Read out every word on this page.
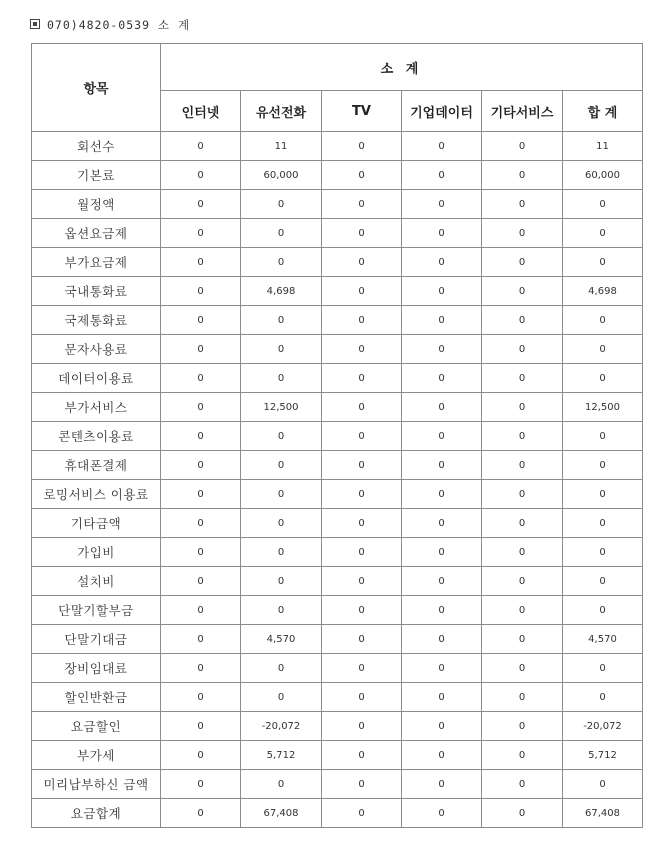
070)4820-0539 소 계
항목	소 계					
	인터넷	유선전화	TV	기업데이터	기타서비스	합 계
회선수	0	11	0	0	0	11
기본료	0	60,000	0	0	0	60,000
월정액	0	0	0	0	0	0
옵션요금제	0	0	0	0	0	0
부가요금제	0	0	0	0	0	0
국내통화료	0	4,698	0	0	0	4,698
국제통화료	0	0	0	0	0	0
문자사용료	0	0	0	0	0	0
데이터이용료	0	0	0	0	0	0
부가서비스	0	12,500	0	0	0	12,500
콘텐츠이용료	0	0	0	0	0	0
휴대폰결제	0	0	0	0	0	0
로밍서비스 이용료	0	0	0	0	0	0
기타금액	0	0	0	0	0	0
가입비	0	0	0	0	0	0
설치비	0	0	0	0	0	0
단말기할부금	0	0	0	0	0	0
단말기대금	0	4,570	0	0	0	4,570
장비임대료	0	0	0	0	0	0
할인반환금	0	0	0	0	0	0
요금할인	0	-20,072	0	0	0	-20,072
부가세	0	5,712	0	0	0	5,712
미리납부하신 금액	0	0	0	0	0	0
요금합계	0	67,408	0	0	0	67,408
